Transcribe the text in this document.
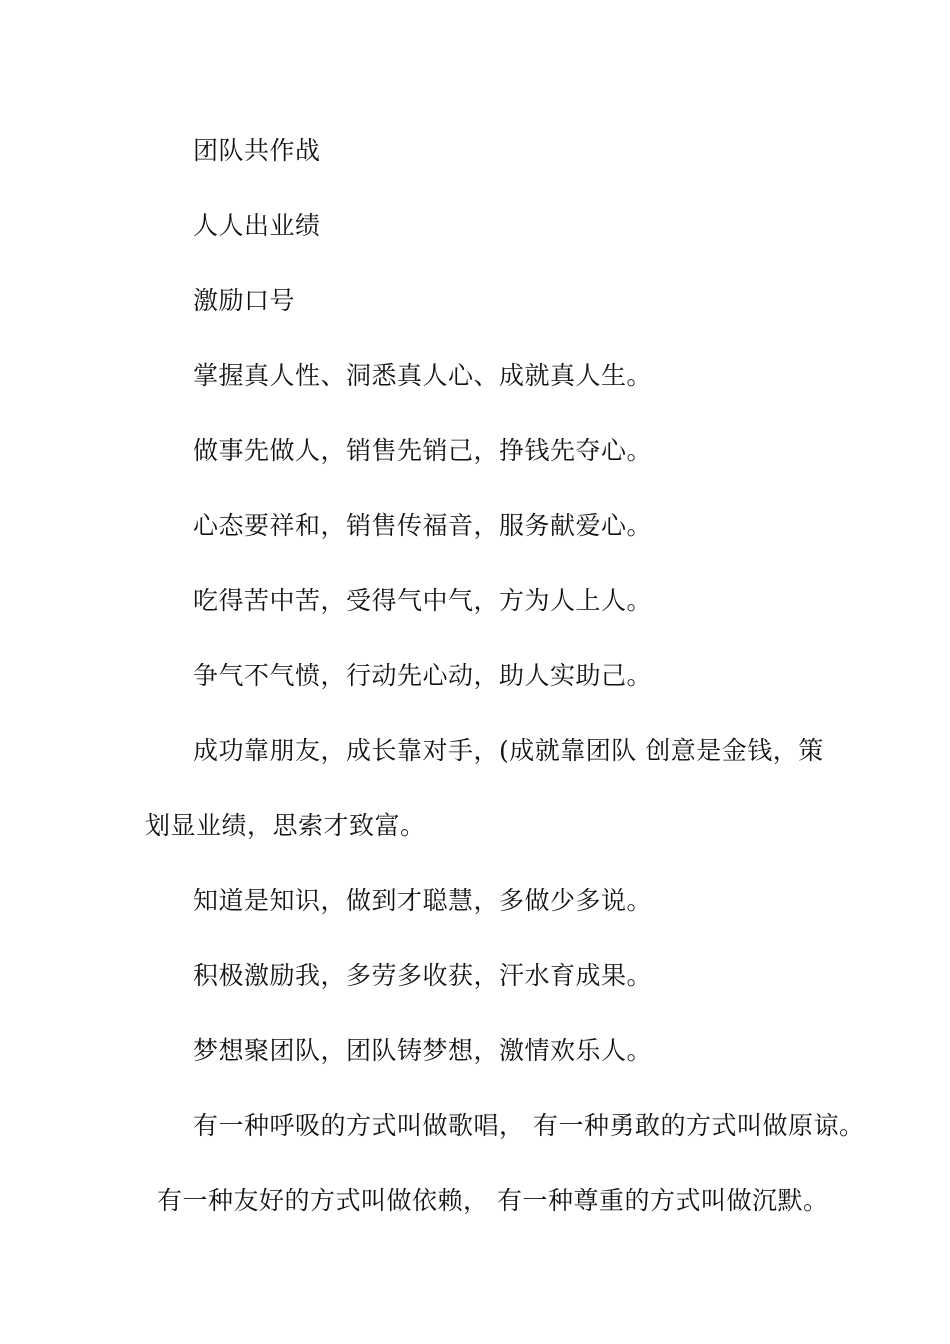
团队共作战
人人出业绩
激励口号
掌握真人性、洞悉真人心、成就真人生。
做事先做人，销售先销己，挣钱先夺心。
心态要祥和，销售传福音，服务献爱心。
吃得苦中苦，受得气中气，方为人上人。
争气不气愤，行动先心动，助人实助己。
成功靠朋友，成长靠对手，(成就靠团队 创意是金钱，策
划显业绩，思索才致富。
知道是知识，做到才聪慧，多做少多说。
积极激励我，多劳多收获，汗水育成果。
梦想聚团队，团队铸梦想，激情欢乐人。
有一种呼吸的方式叫做歌唱， 有一种勇敢的方式叫做原谅。
有一种友好的方式叫做依赖， 有一种尊重的方式叫做沉默。
